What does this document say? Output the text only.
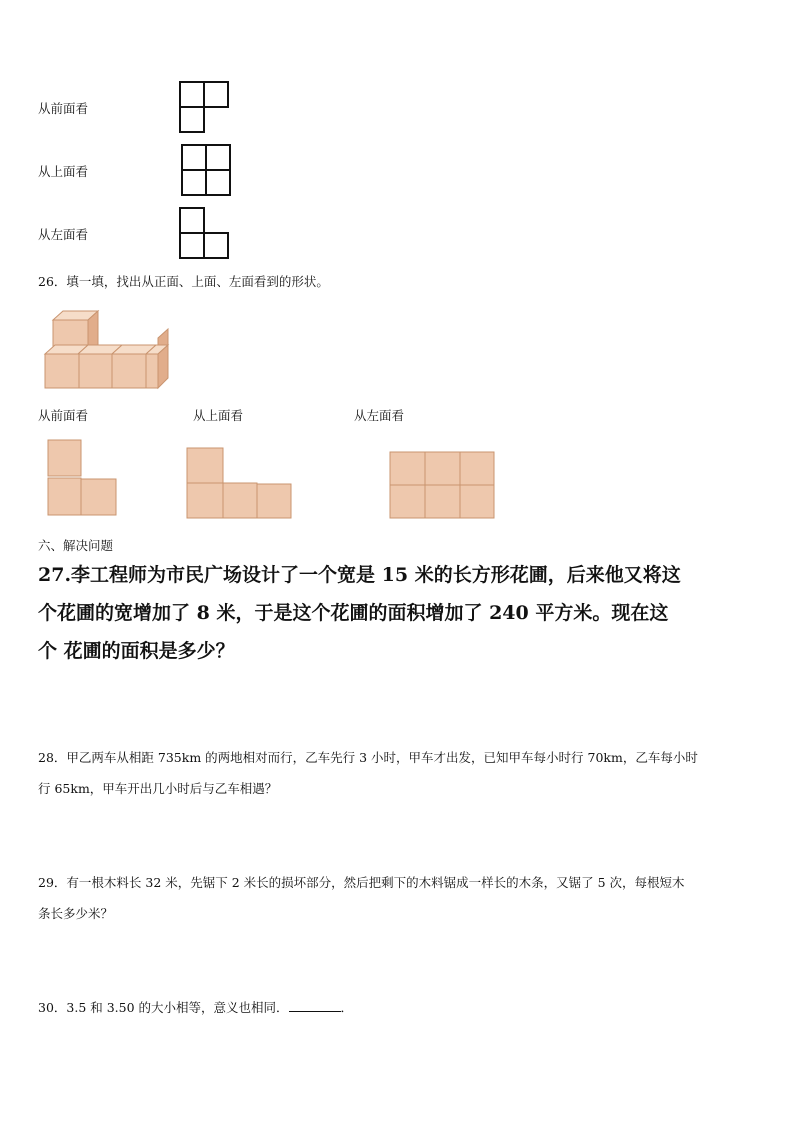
从前面看
从上面看
从左面看
26．填一填，找出从正面、上面、左面看到的形状。
从前面看	从上面看	从左面看
六、解决问题
27.李工程师为市民广场设计了一个宽是 15 米的长方形花圃，后来他又将这
个花圃的宽增加了 8 米，于是这个花圃的面积增加了 240 平方米。现在这
个 花圃的面积是多少？
28．甲乙两车从相距 735km 的两地相对而行，乙车先行 3 小时，甲车才出发，已知甲车每小时行 70km，乙车每小时
行 65km，甲车开出几小时后与乙车相遇？
29．有一根木料长 32 米，先锯下 2 米长的损坏部分，然后把剩下的木料锯成一样长的木条，又锯了 5 次，每根短木
条长多少米？
30．3.5 和 3.50 的大小相等，意义也相同．	．
